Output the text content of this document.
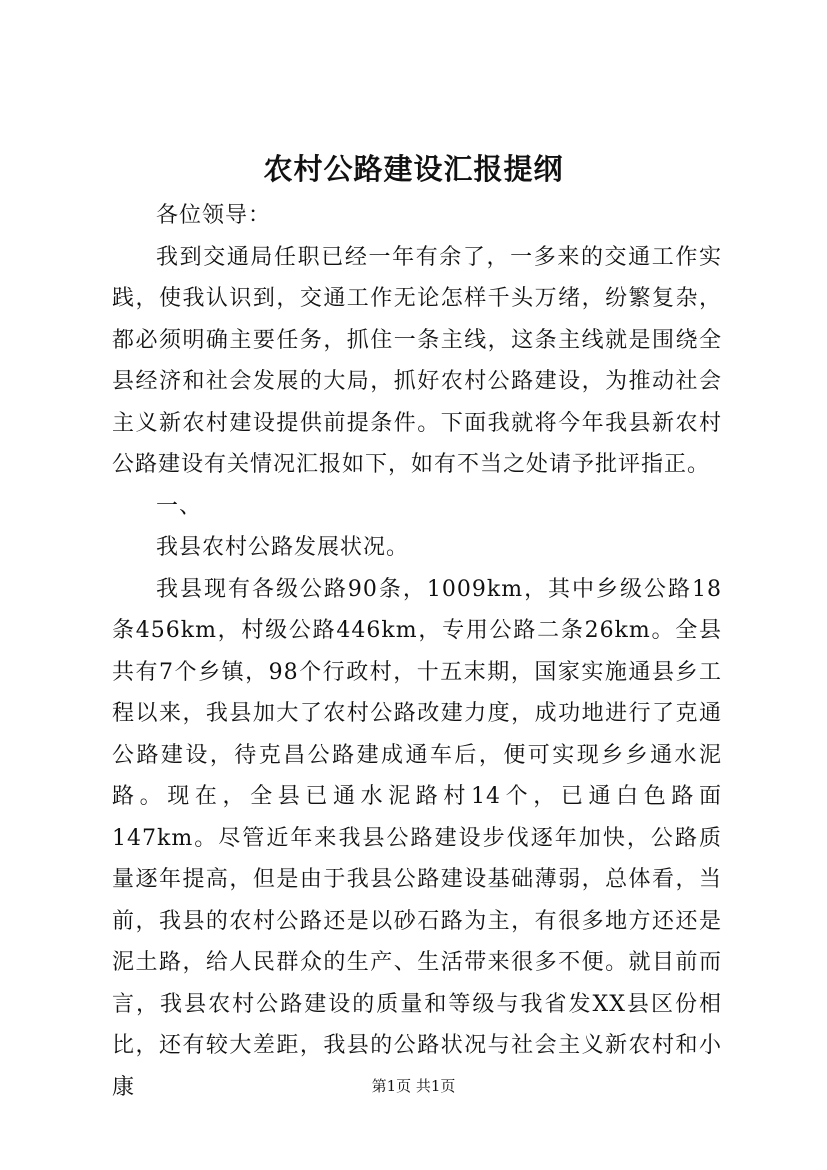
农村公路建设汇报提纲

各位领导：

我到交通局任职已经一年有余了，一多来的交通工作实践，使我认识到，交通工作无论怎样千头万绪，纷繁复杂，都必须明确主要任务，抓住一条主线，这条主线就是围绕全县经济和社会发展的大局，抓好农村公路建设，为推动社会主义新农村建设提供前提条件。下面我就将今年我县新农村公路建设有关情况汇报如下，如有不当之处请予批评指正。

一、

我县农村公路发展状况。

我县现有各级公路90条，1009km，其中乡级公路18条456km，村级公路446km，专用公路二条26km。全县共有7个乡镇，98个行政村，十五末期，国家实施通县乡工程以来，我县加大了农村公路改建力度，成功地进行了克通公路建设，待克昌公路建成通车后，便可实现乡乡通水泥路。现在，全县已通水泥路村14个，已通白色路面147km。尽管近年来我县公路建设步伐逐年加快，公路质量逐年提高，但是由于我县公路建设基础薄弱，总体看，当前，我县的农村公路还是以砂石路为主，有很多地方还还是泥土路，给人民群众的生产、生活带来很多不便。就目前而言，我县农村公路建设的质量和等级与我省发XX县区份相比，还有较大差距，我县的公路状况与社会主义新农村和小康	第1页 共1页
